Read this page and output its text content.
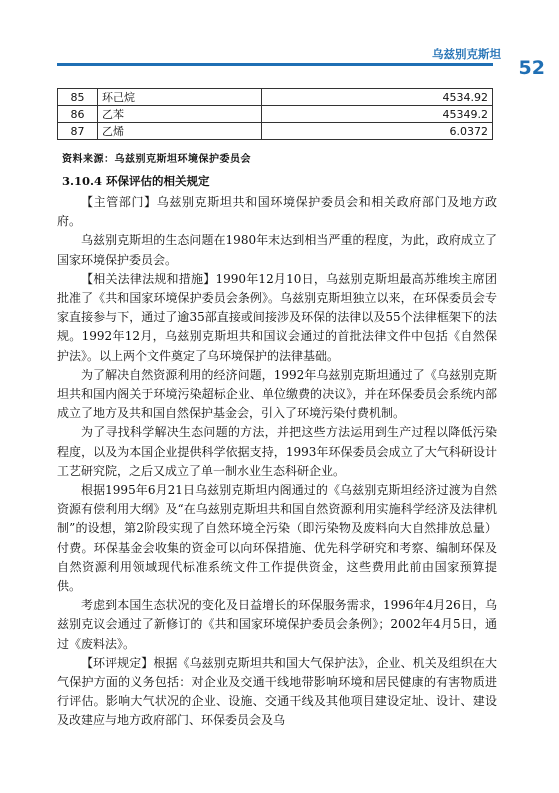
乌兹别克斯坦
52
85	环己烷	4534.92
86	乙苯	45349.2
87	乙烯	6.0372
资料来源：乌兹别克斯坦环境保护委员会
3.10.4 环保评估的相关规定

【主管部门】乌兹别克斯坦共和国环境保护委员会和相关政府部门及地方政府。

乌兹别克斯坦的生态问题在1980年末达到相当严重的程度，为此，政府成立了国家环境保护委员会。

【相关法律法规和措施】1990年12月10日，乌兹别克斯坦最高苏维埃主席团批准了《共和国家环境保护委员会条例》。乌兹别克斯坦独立以来，在环保委员会专家直接参与下，通过了逾35部直接或间接涉及环保的法律以及55个法律框架下的法规。1992年12月，乌兹别克斯坦共和国议会通过的首批法律文件中包括《自然保护法》。以上两个文件奠定了乌环境保护的法律基础。

为了解决自然资源利用的经济问题，1992年乌兹别克斯坦通过了《乌兹别克斯坦共和国内阁关于环境污染超标企业、单位缴费的决议》，并在环保委员会系统内部成立了地方及共和国自然保护基金会，引入了环境污染付费机制。

为了寻找科学解决生态问题的方法，并把这些方法运用到生产过程以降低污染程度，以及为本国企业提供科学依据支持，1993年环保委员会成立了大气科研设计工艺研究院，之后又成立了单一制水业生态科研企业。

根据1995年6月21日乌兹别克斯坦内阁通过的《乌兹别克斯坦经济过渡为自然资源有偿利用大纲》及“在乌兹别克斯坦共和国自然资源利用实施科学经济及法律机制”的设想，第2阶段实现了自然环境全污染（即污染物及废料向大自然排放总量）付费。环保基金会收集的资金可以向环保措施、优先科学研究和考察、编制环保及自然资源利用领域现代标准系统文件工作提供资金，这些费用此前由国家预算提供。

考虑到本国生态状况的变化及日益增长的环保服务需求，1996年4月26日，乌兹别克议会通过了新修订的《共和国家环境保护委员会条例》；2002年4月5日，通过《废料法》。

【环评规定】根据《乌兹别克斯坦共和国大气保护法》，企业、机关及组织在大气保护方面的义务包括：对企业及交通干线地带影响环境和居民健康的有害物质进行评估。影响大气状况的企业、设施、交通干线及其他项目建设定址、设计、建设及改建应与地方政府部门、环保委员会及乌
